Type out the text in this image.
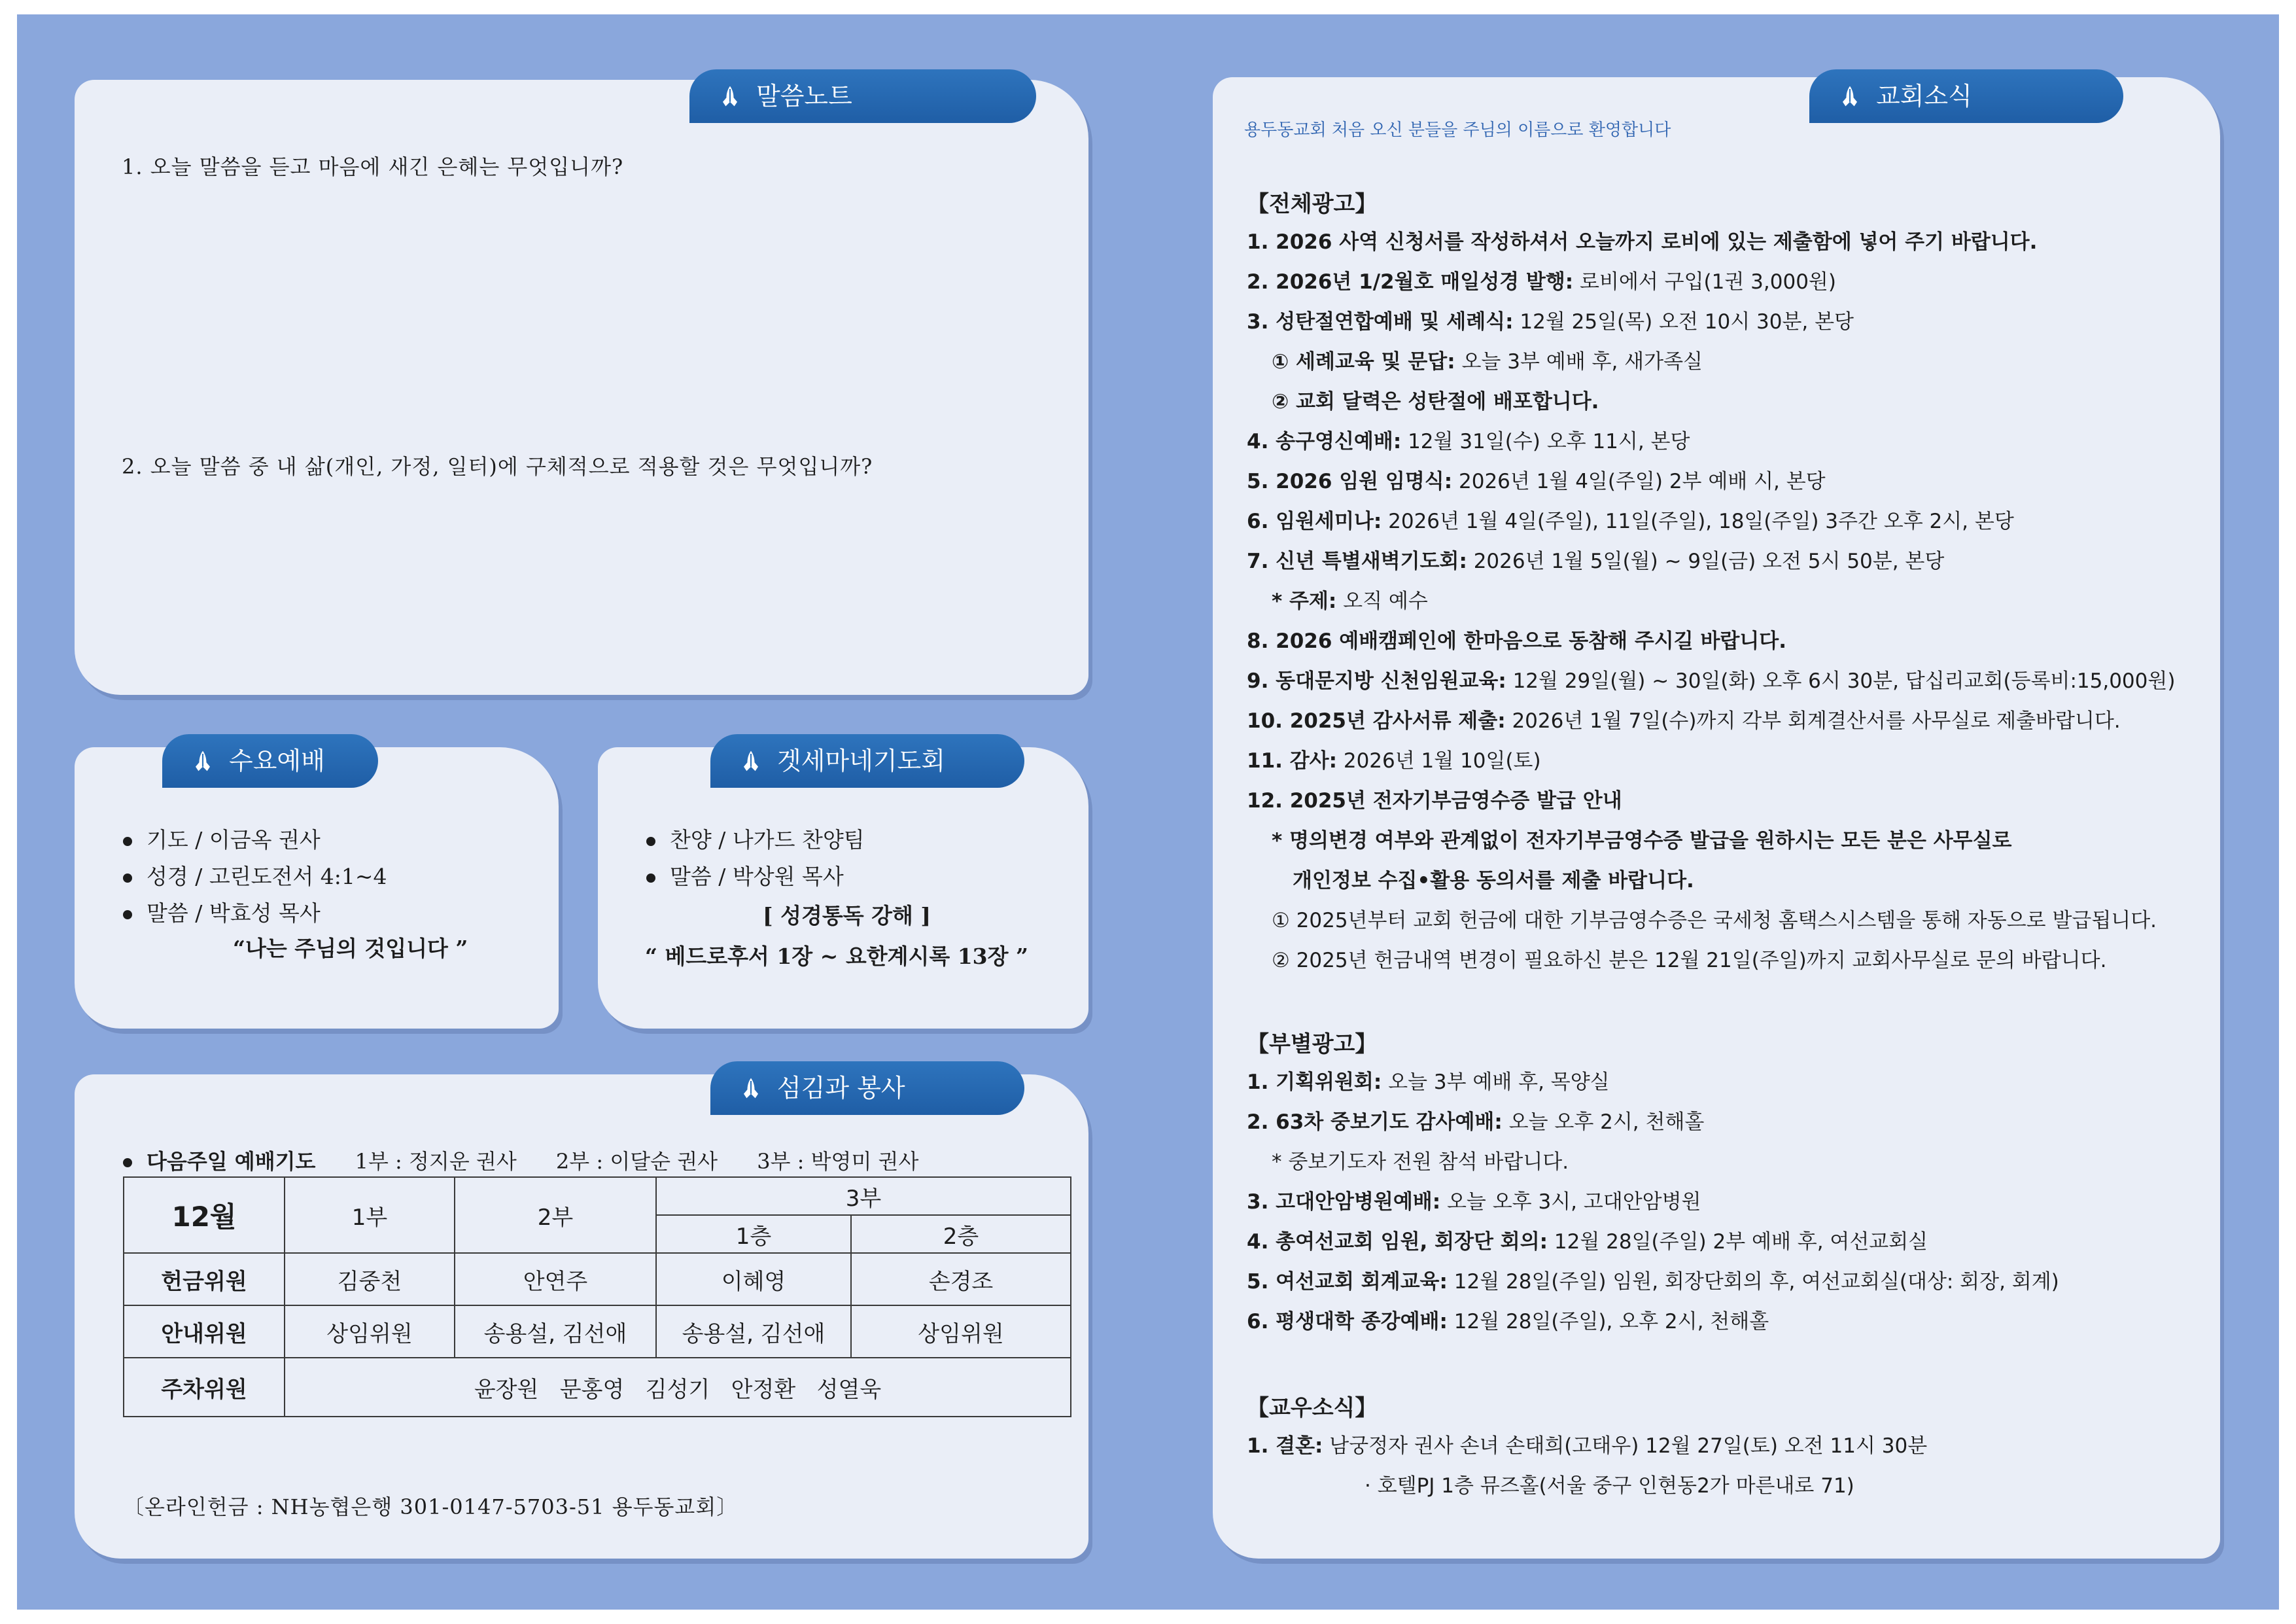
말씀노트
1. 오늘 말씀을 듣고 마음에 새긴 은혜는 무엇입니까?
2. 오늘 말씀 중 내 삶(개인, 가정, 일터)에 구체적으로 적용할 것은 무엇입니까?
수요예배
기도 / 이금옥 권사
성경 / 고린도전서 4:1~4
말씀 / 박효성 목사
“나는 주님의 것입니다 ”
겟세마네기도회
찬양 / 나가드 찬양팀
말씀 / 박상원 목사
[ 성경통독 강해 ]
“ 베드로후서 1장 ~ 요한계시록 13장 ”
섬김과 봉사
다음주일 예배기도 1부 : 정지운 권사 2부 : 이달순 권사 3부 : 박영미 권사
12월	1부	2부	3부	
			1층	2층
헌금위원	김중천	안연주	이혜영	손경조
안내위원	상임위원	송용설, 김선애	송용설, 김선애	상임위원
주차위원	윤장원   문홍영   김성기   안정환   성열욱			
〔온라인헌금 : NH농협은행 301-0147-5703-51 용두동교회〕
교회소식
용두동교회 처음 오신 분들을 주님의 이름으로 환영합니다
【전체광고】
1. 2026 사역 신청서를 작성하셔서 오늘까지 로비에 있는 제출함에 넣어 주기 바랍니다.
2. 2026년 1/2월호 매일성경 발행: 로비에서 구입(1권 3,000원)
3. 성탄절연합예배 및 세례식: 12월 25일(목) 오전 10시 30분, 본당
① 세례교육 및 문답: 오늘 3부 예배 후, 새가족실
② 교회 달력은 성탄절에 배포합니다.
4. 송구영신예배: 12월 31일(수) 오후 11시, 본당
5. 2026 임원 임명식: 2026년 1월 4일(주일) 2부 예배 시, 본당
6. 임원세미나: 2026년 1월 4일(주일), 11일(주일), 18일(주일) 3주간 오후 2시, 본당
7. 신년 특별새벽기도회: 2026년 1월 5일(월) ~ 9일(금) 오전 5시 50분, 본당
* 주제: 오직 예수
8. 2026 예배캠페인에 한마음으로 동참해 주시길 바랍니다.
9. 동대문지방 신천임원교육: 12월 29일(월) ~ 30일(화) 오후 6시 30분, 답십리교회(등록비:15,000원)
10. 2025년 감사서류 제출: 2026년 1월 7일(수)까지 각부 회계결산서를 사무실로 제출바랍니다.
11. 감사: 2026년 1월 10일(토)
12. 2025년 전자기부금영수증 발급 안내
* 명의변경 여부와 관계없이 전자기부금영수증 발급을 원하시는 모든 분은 사무실로
개인정보 수집•활용 동의서를 제출 바랍니다.
① 2025년부터 교회 헌금에 대한 기부금영수증은 국세청 홈택스시스템을 통해 자동으로 발급됩니다.
② 2025년 헌금내역 변경이 필요하신 분은 12월 21일(주일)까지 교회사무실로 문의 바랍니다.
【부별광고】
1. 기획위원회: 오늘 3부 예배 후, 목양실
2. 63차 중보기도 감사예배: 오늘 오후 2시, 천해홀
* 중보기도자 전원 참석 바랍니다.
3. 고대안암병원예배: 오늘 오후 3시, 고대안암병원
4. 총여선교회 임원, 회장단 회의: 12월 28일(주일) 2부 예배 후, 여선교회실
5. 여선교회 회계교육: 12월 28일(주일) 임원, 회장단회의 후, 여선교회실(대상: 회장, 회계)
6. 평생대학 종강예배: 12월 28일(주일), 오후 2시, 천해홀
【교우소식】
1. 결혼: 남궁정자 권사 손녀 손태희(고태우) 12월 27일(토) 오전 11시 30분
· 호텔PJ 1층 뮤즈홀(서울 중구 인현동2가 마른내로 71)
